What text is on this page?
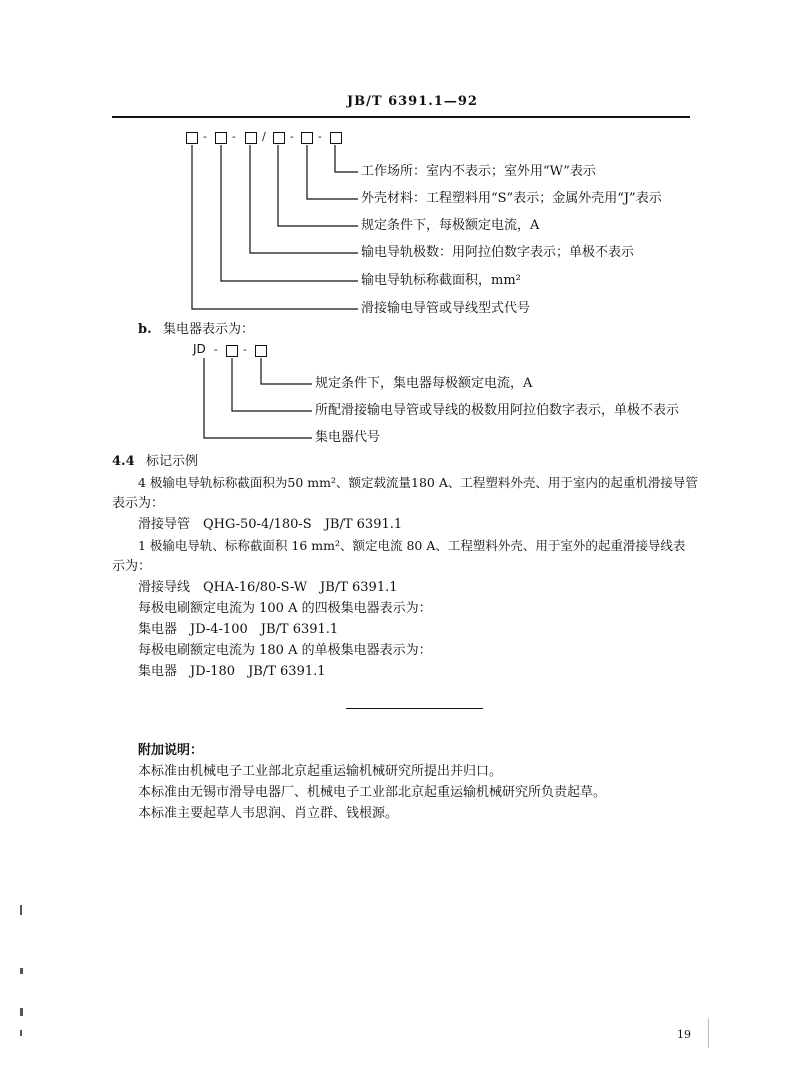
JB/T 6391.1—92
- - / - -
工作场所：室内不表示；室外用“W”表示
外壳材料：工程塑料用“S”表示；金属外壳用“J”表示
规定条件下，每极额定电流，A
输电导轨极数：用阿拉伯数字表示；单极不表示
输电导轨标称截面积，mm²
滑接输电导管或导线型式代号
b. 集电器表示为：
JD - -
规定条件下，集电器每极额定电流，A
所配滑接输电导管或导线的极数用阿拉伯数字表示，单极不表示
集电器代号
4.4 标记示例
4 极输电导轨标称截面积为50 mm²、额定载流量180 A、工程塑料外壳、用于室内的起重机滑接导管
表示为：
滑接导管　QHG-50-4/180-S　JB/T 6391.1
1 极输电导轨、标称截面积 16 mm²、额定电流 80 A、工程塑料外壳、用于室外的起重滑接导线表
示为：
滑接导线　QHA-16/80-S-W　JB/T 6391.1
每极电刷额定电流为 100 A 的四极集电器表示为：
集电器　JD-4-100　JB/T 6391.1
每极电刷额定电流为 180 A 的单极集电器表示为：
集电器　JD-180　JB/T 6391.1
附加说明：
本标准由机械电子工业部北京起重运输机械研究所提出并归口。
本标准由无锡市滑导电器厂、机械电子工业部北京起重运输机械研究所负责起草。
本标准主要起草人韦思润、肖立群、钱根源。
19
